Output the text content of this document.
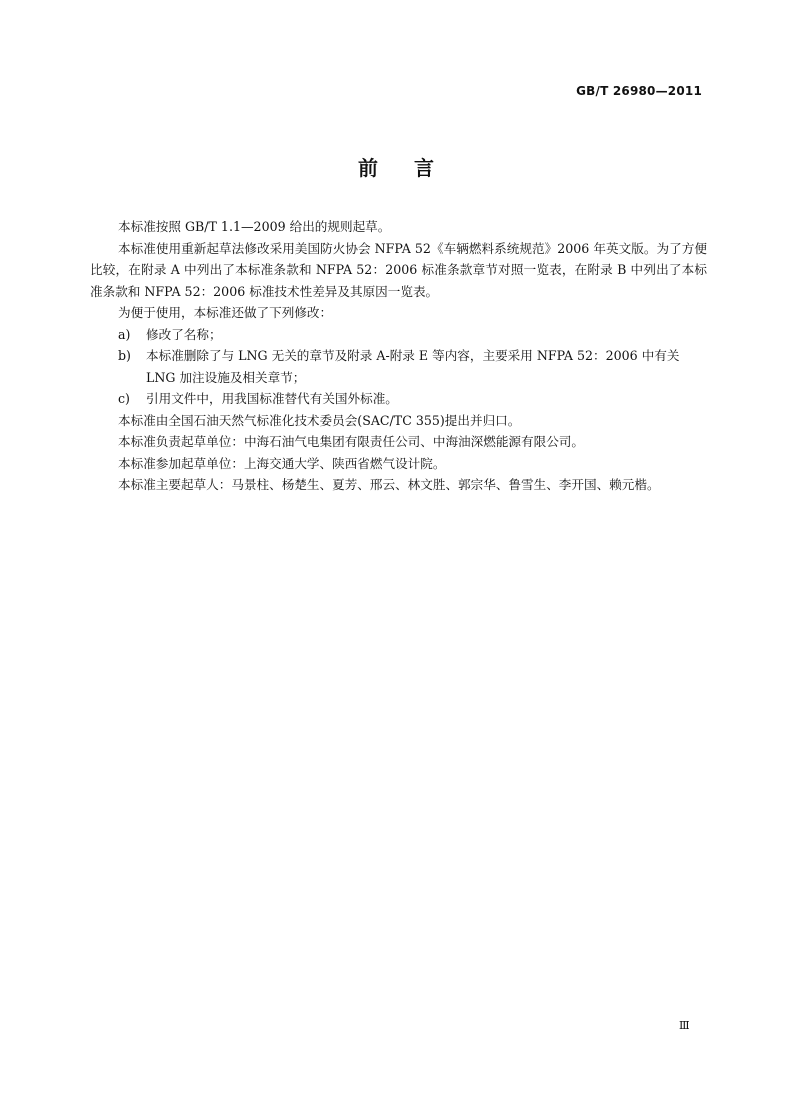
GB/T 26980—2011
前言

本标准按照 GB/T 1.1—2009 给出的规则起草。

本标准使用重新起草法修改采用美国防火协会 NFPA 52《车辆燃料系统规范》2006 年英文版。为了方便比较，在附录 A 中列出了本标准条款和 NFPA 52：2006 标准条款章节对照一览表，在附录 B 中列出了本标准条款和 NFPA 52：2006 标准技术性差异及其原因一览表。

为便于使用，本标准还做了下列修改：

a) 修改了名称；
b) 本标准删除了与 LNG 无关的章节及附录 A-附录 E 等内容，主要采用 NFPA 52：2006 中有关 LNG 加注设施及相关章节；
c) 引用文件中，用我国标准替代有关国外标准。

本标准由全国石油天然气标准化技术委员会(SAC/TC 355)提出并归口。

本标准负责起草单位：中海石油气电集团有限责任公司、中海油深燃能源有限公司。

本标准参加起草单位：上海交通大学、陕西省燃气设计院。

本标准主要起草人：马景柱、杨楚生、夏芳、邢云、林文胜、郭宗华、鲁雪生、李开国、赖元楷。

Ⅲ
